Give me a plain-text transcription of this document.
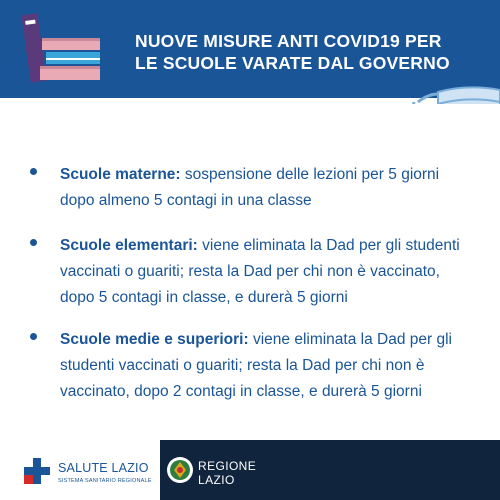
NUOVE MISURE ANTI COVID19 PER
LE SCUOLE VARATE DAL GOVERNO
Scuole materne: sospensione delle lezioni per 5 giorni dopo almeno 5 contagi in una classe
Scuole elementari: viene eliminata la Dad per gli studenti vaccinati o guariti; resta la Dad per chi non è vaccinato, dopo 5 contagi in classe, e durerà 5 giorni
Scuole medie e superiori: viene eliminata la Dad per gli studenti vaccinati o guariti; resta la Dad per chi non è vaccinato, dopo 2 contagi in classe, e durerà 5 giorni
SALUTE LAZIO
SISTEMA SANITARIO REGIONALE
REGIONE
LAZIO
